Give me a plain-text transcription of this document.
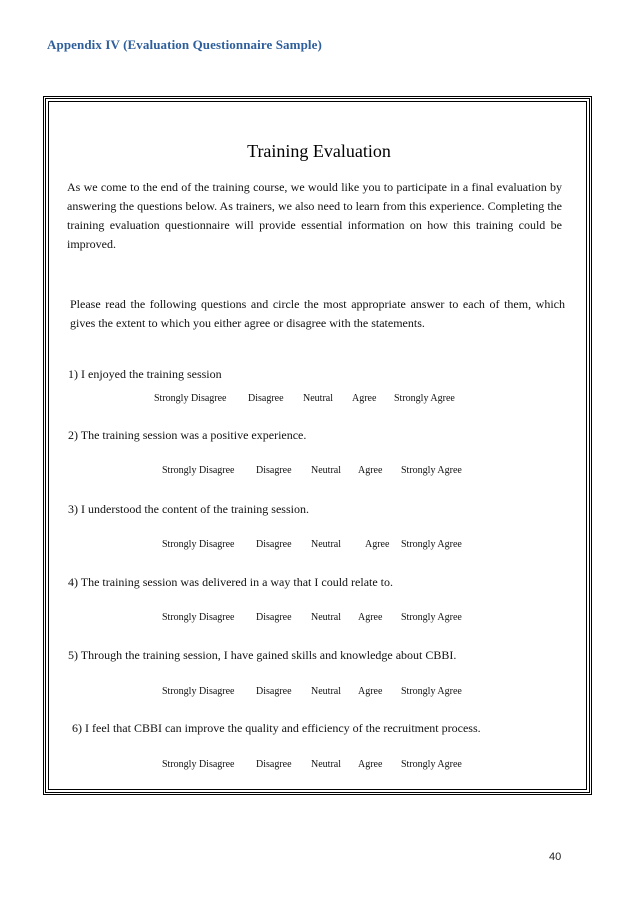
Appendix IV (Evaluation Questionnaire Sample)
Training Evaluation
As we come to the end of the training course, we would like you to participate in a final evaluation by answering the questions below. As trainers, we also need to learn from this experience. Completing the training evaluation questionnaire will provide essential information on how this training could be improved.
Please read the following questions and circle the most appropriate answer to each of them, which gives the extent to which you either agree or disagree with the statements.
1) I enjoyed the training session
Strongly Disagree Disagree Neutral Agree Strongly Agree
2) The training session was a positive experience.
Strongly Disagree Disagree Neutral Agree Strongly Agree
3) I understood the content of the training session.
Strongly Disagree Disagree Neutral Agree Strongly Agree
4) The training session was delivered in a way that I could relate to.
Strongly Disagree Disagree Neutral Agree Strongly Agree
5) Through the training session, I have gained skills and knowledge about CBBI.
Strongly Disagree Disagree Neutral Agree Strongly Agree
6) I feel that CBBI can improve the quality and efficiency of the recruitment process.
Strongly Disagree Disagree Neutral Agree Strongly Agree
40
